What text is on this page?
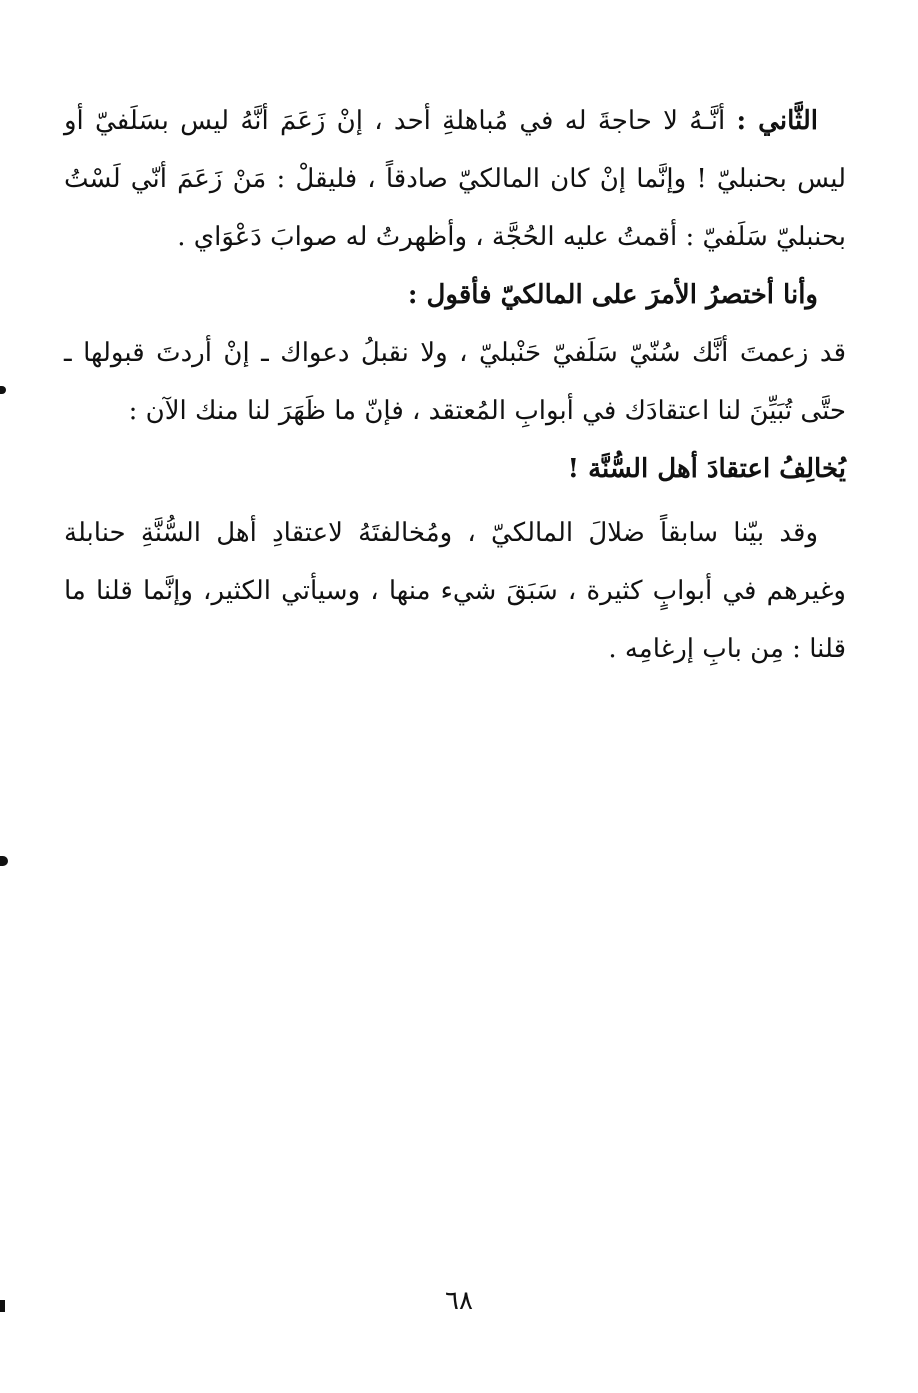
الثَّاني : أنَّـهُ لا حاجةَ له في مُباهلةِ أحد ، إنْ زَعَمَ أنَّهُ ليس بسَلَفيّ أو ليس بحنبليّ ! وإنَّما إنْ كان المالكيّ صادقاً ، فليقلْ : مَنْ زَعَمَ أنّي لَسْتُ بحنبليّ سَلَفيّ : أقمتُ عليه الحُجَّة ، وأظهرتُ له صوابَ دَعْوَاي .

وأنا أختصرُ الأمرَ على المالكيّ فأقول :

قد زعمتَ أنَّك سُنّيّ سَلَفيّ حَنْبليّ ، ولا نقبلُ دعواك ـ إنْ أردتَ قبولها ـ حتَّى تُبَيِّنَ لنا اعتقادَك في أبوابِ المُعتقد ، فإنّ ما ظَهَرَ لنا منك الآن :

يُخالِفُ اعتقادَ أهل السُّنَّة !

وقد بيّنا سابقاً ضلالَ المالكيّ ، ومُخالفتَهُ لاعتقادِ أهل السُّنَّةِ حنابلة وغيرهم في أبوابٍ كثيرة ، سَبَقَ شيء منها ، وسيأتي الكثير، وإنَّما قلنا ما قلنا : مِن بابِ إرغامِه .

٦٨
